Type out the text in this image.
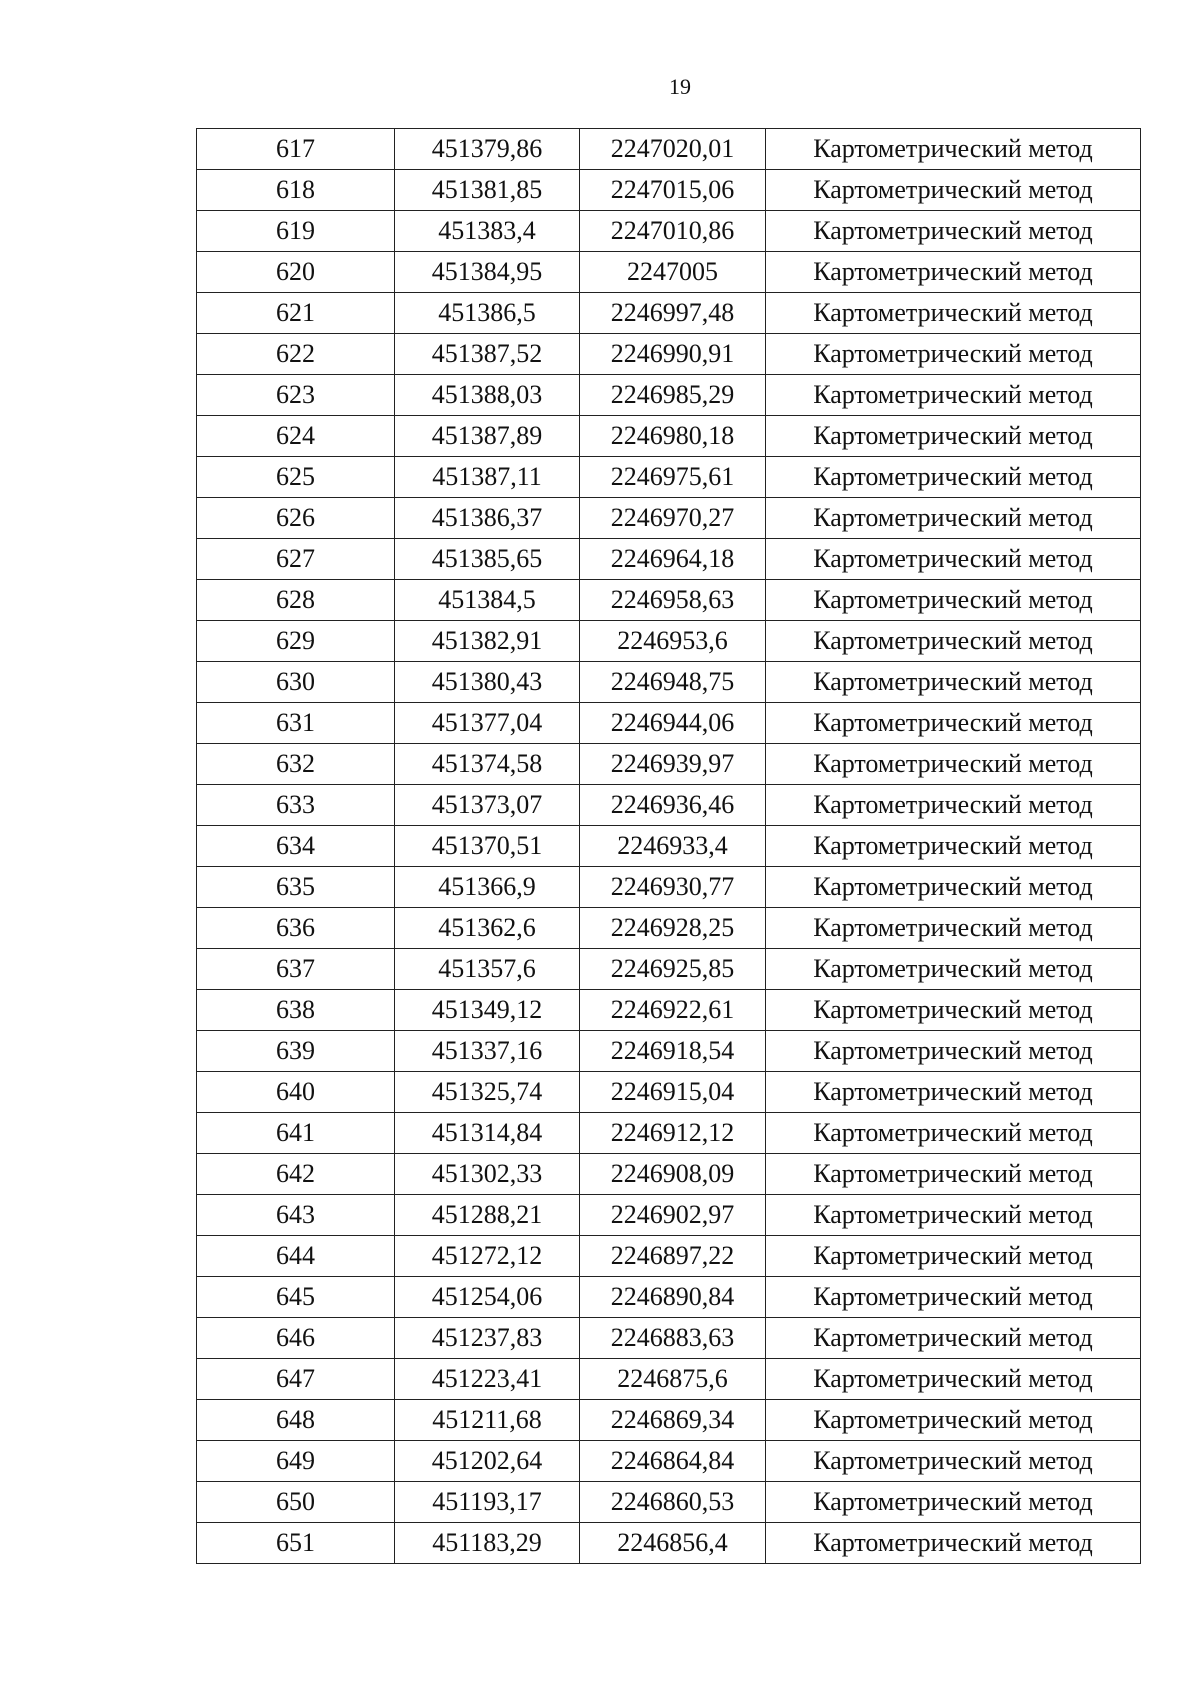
19
617	451379,86	2247020,01	Картометрический метод
618	451381,85	2247015,06	Картометрический метод
619	451383,4	2247010,86	Картометрический метод
620	451384,95	2247005	Картометрический метод
621	451386,5	2246997,48	Картометрический метод
622	451387,52	2246990,91	Картометрический метод
623	451388,03	2246985,29	Картометрический метод
624	451387,89	2246980,18	Картометрический метод
625	451387,11	2246975,61	Картометрический метод
626	451386,37	2246970,27	Картометрический метод
627	451385,65	2246964,18	Картометрический метод
628	451384,5	2246958,63	Картометрический метод
629	451382,91	2246953,6	Картометрический метод
630	451380,43	2246948,75	Картометрический метод
631	451377,04	2246944,06	Картометрический метод
632	451374,58	2246939,97	Картометрический метод
633	451373,07	2246936,46	Картометрический метод
634	451370,51	2246933,4	Картометрический метод
635	451366,9	2246930,77	Картометрический метод
636	451362,6	2246928,25	Картометрический метод
637	451357,6	2246925,85	Картометрический метод
638	451349,12	2246922,61	Картометрический метод
639	451337,16	2246918,54	Картометрический метод
640	451325,74	2246915,04	Картометрический метод
641	451314,84	2246912,12	Картометрический метод
642	451302,33	2246908,09	Картометрический метод
643	451288,21	2246902,97	Картометрический метод
644	451272,12	2246897,22	Картометрический метод
645	451254,06	2246890,84	Картометрический метод
646	451237,83	2246883,63	Картометрический метод
647	451223,41	2246875,6	Картометрический метод
648	451211,68	2246869,34	Картометрический метод
649	451202,64	2246864,84	Картометрический метод
650	451193,17	2246860,53	Картометрический метод
651	451183,29	2246856,4	Картометрический метод
